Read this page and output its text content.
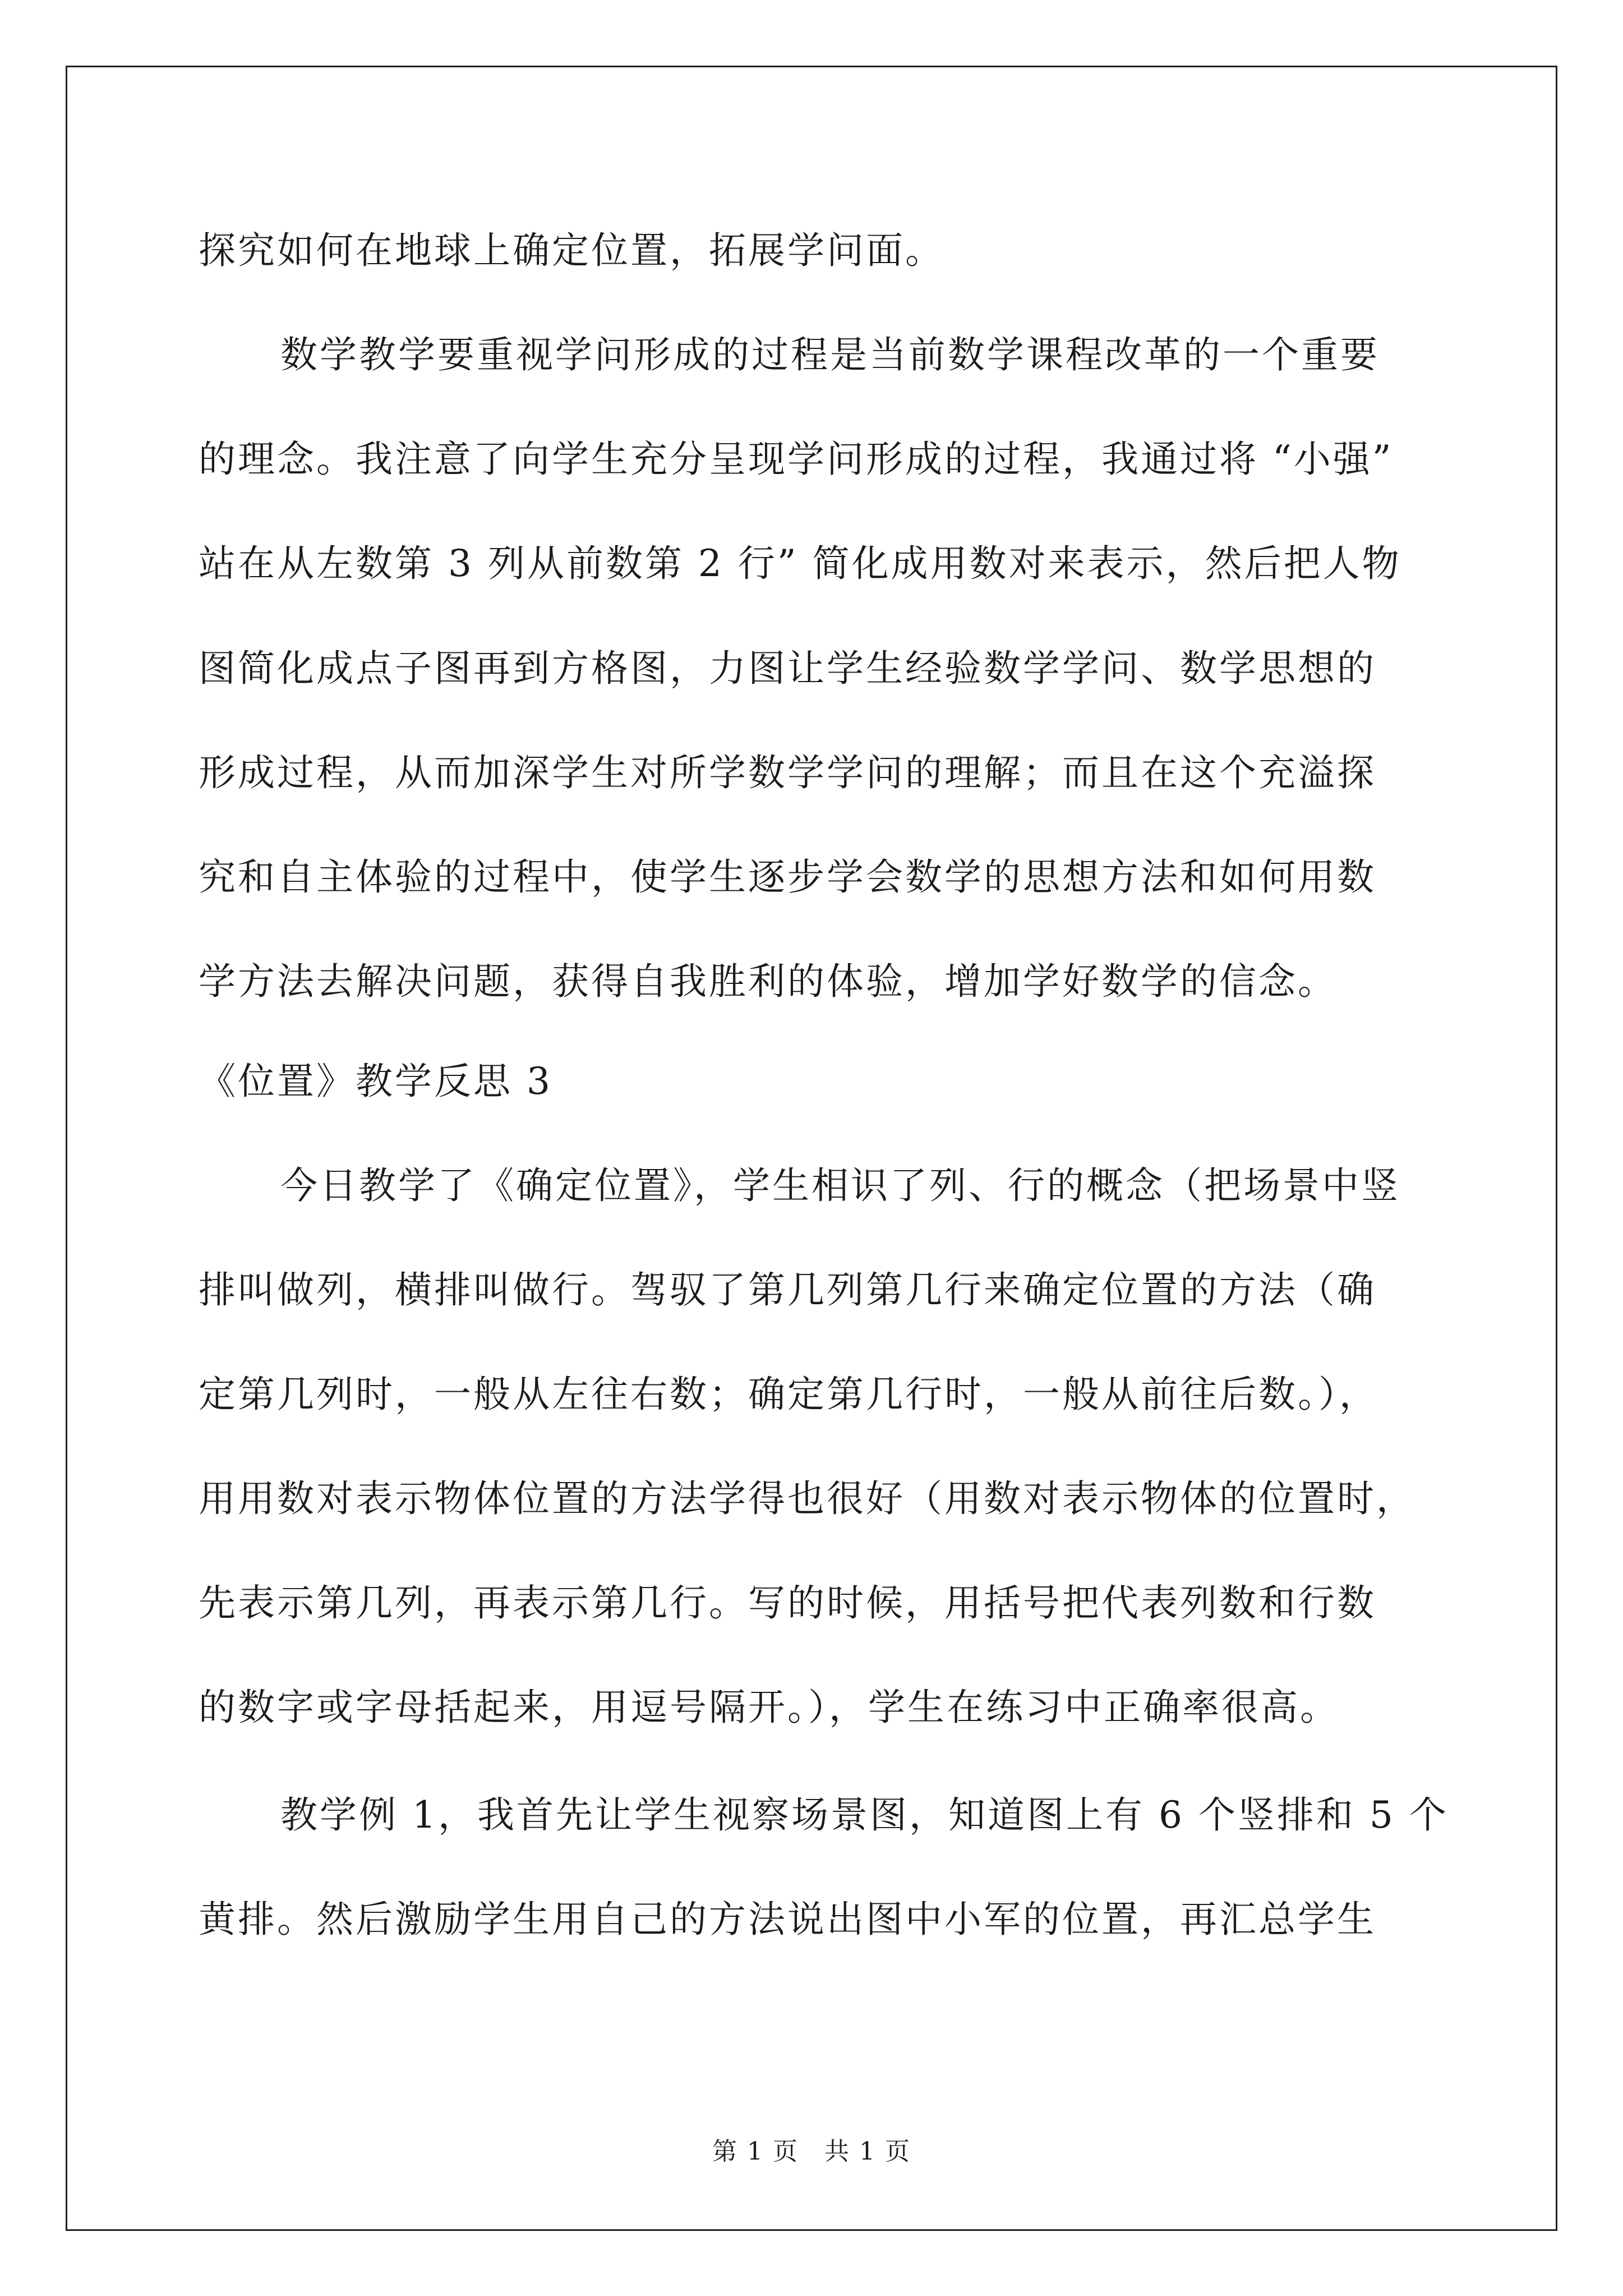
探究如何在地球上确定位置，拓展学问面。
数学教学要重视学问形成的过程是当前数学课程改革的一个重要
的理念。我注意了向学生充分呈现学问形成的过程，我通过将 “小强”
站在从左数第 3 列从前数第 2 行” 简化成用数对来表示，然后把人物
图简化成点子图再到方格图，力图让学生经验数学学问、数学思想的
形成过程，从而加深学生对所学数学学问的理解；而且在这个充溢探
究和自主体验的过程中，使学生逐步学会数学的思想方法和如何用数
学方法去解决问题，获得自我胜利的体验，增加学好数学的信念。
《位置》教学反思 3
今日教学了《确定位置》，学生相识了列、行的概念（把场景中竖
排叫做列，横排叫做行。驾驭了第几列第几行来确定位置的方法（确
定第几列时，一般从左往右数；确定第几行时，一般从前往后数。），
用用数对表示物体位置的方法学得也很好（用数对表示物体的位置时，
先表示第几列，再表示第几行。写的时候，用括号把代表列数和行数
的数字或字母括起来，用逗号隔开。），学生在练习中正确率很高。
教学例 1，我首先让学生视察场景图，知道图上有 6 个竖排和 5 个
黄排。然后激励学生用自己的方法说出图中小军的位置，再汇总学生
第 1 页　共 1 页
